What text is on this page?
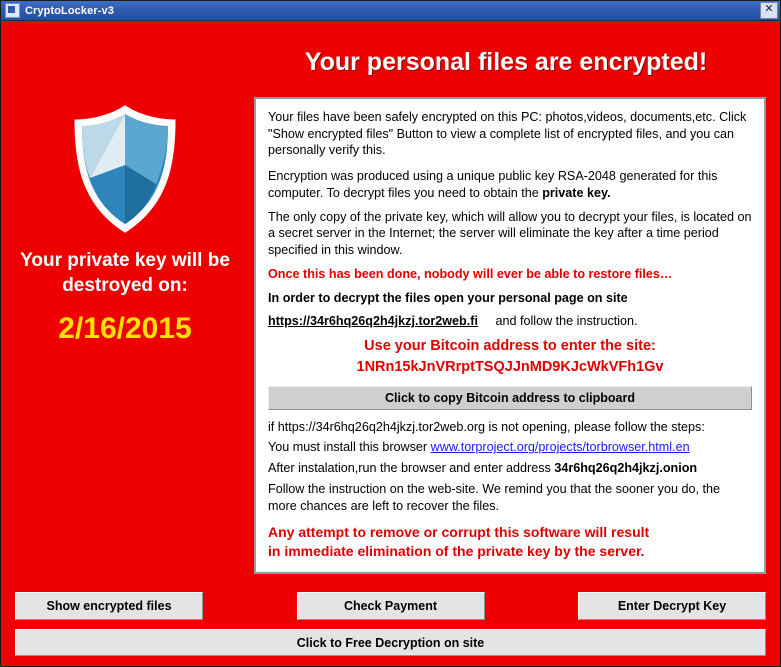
CryptoLocker-v3	✕
Your personal files are encrypted!
Your private key will be destroyed on:
2/16/2015

Your files have been safely encrypted on this PC: photos,videos, documents,etc. Click "Show encrypted files" Button to view a complete list of encrypted files, and you can personally verify this.

Encryption was produced using a unique public key RSA-2048 generated for this computer. To decrypt files you need to obtain the private key.

The only copy of the private key, which will allow you to decrypt your files, is located on a secret server in the Internet; the server will eliminate the key after a time period specified in this window.

Once this has been done, nobody will ever be able to restore files…

In order to decrypt the files open your personal page on site

https://34r6hq26q2h4jkzj.tor2web.fi and follow the instruction.

Use your Bitcoin address to enter the site:
1NRn15kJnVRrptTSQJJnMD9KJcWkVFh1Gv
Click to copy Bitcoin address to clipboard

if https://34r6hq26q2h4jkzj.tor2web.org is not opening, please follow the steps:

You must install this browser www.torproject.org/projects/torbrowser.html.en

After instalation,run the browser and enter address 34r6hq26q2h4jkzj.onion

Follow the instruction on the web-site. We remind you that the sooner you do, the more chances are left to recover the files.

Any attempt to remove or corrupt this software will result
in immediate elimination of the private key by the server.
Show encrypted files	Check Payment	Enter Decrypt Key
Click to Free Decryption on site
